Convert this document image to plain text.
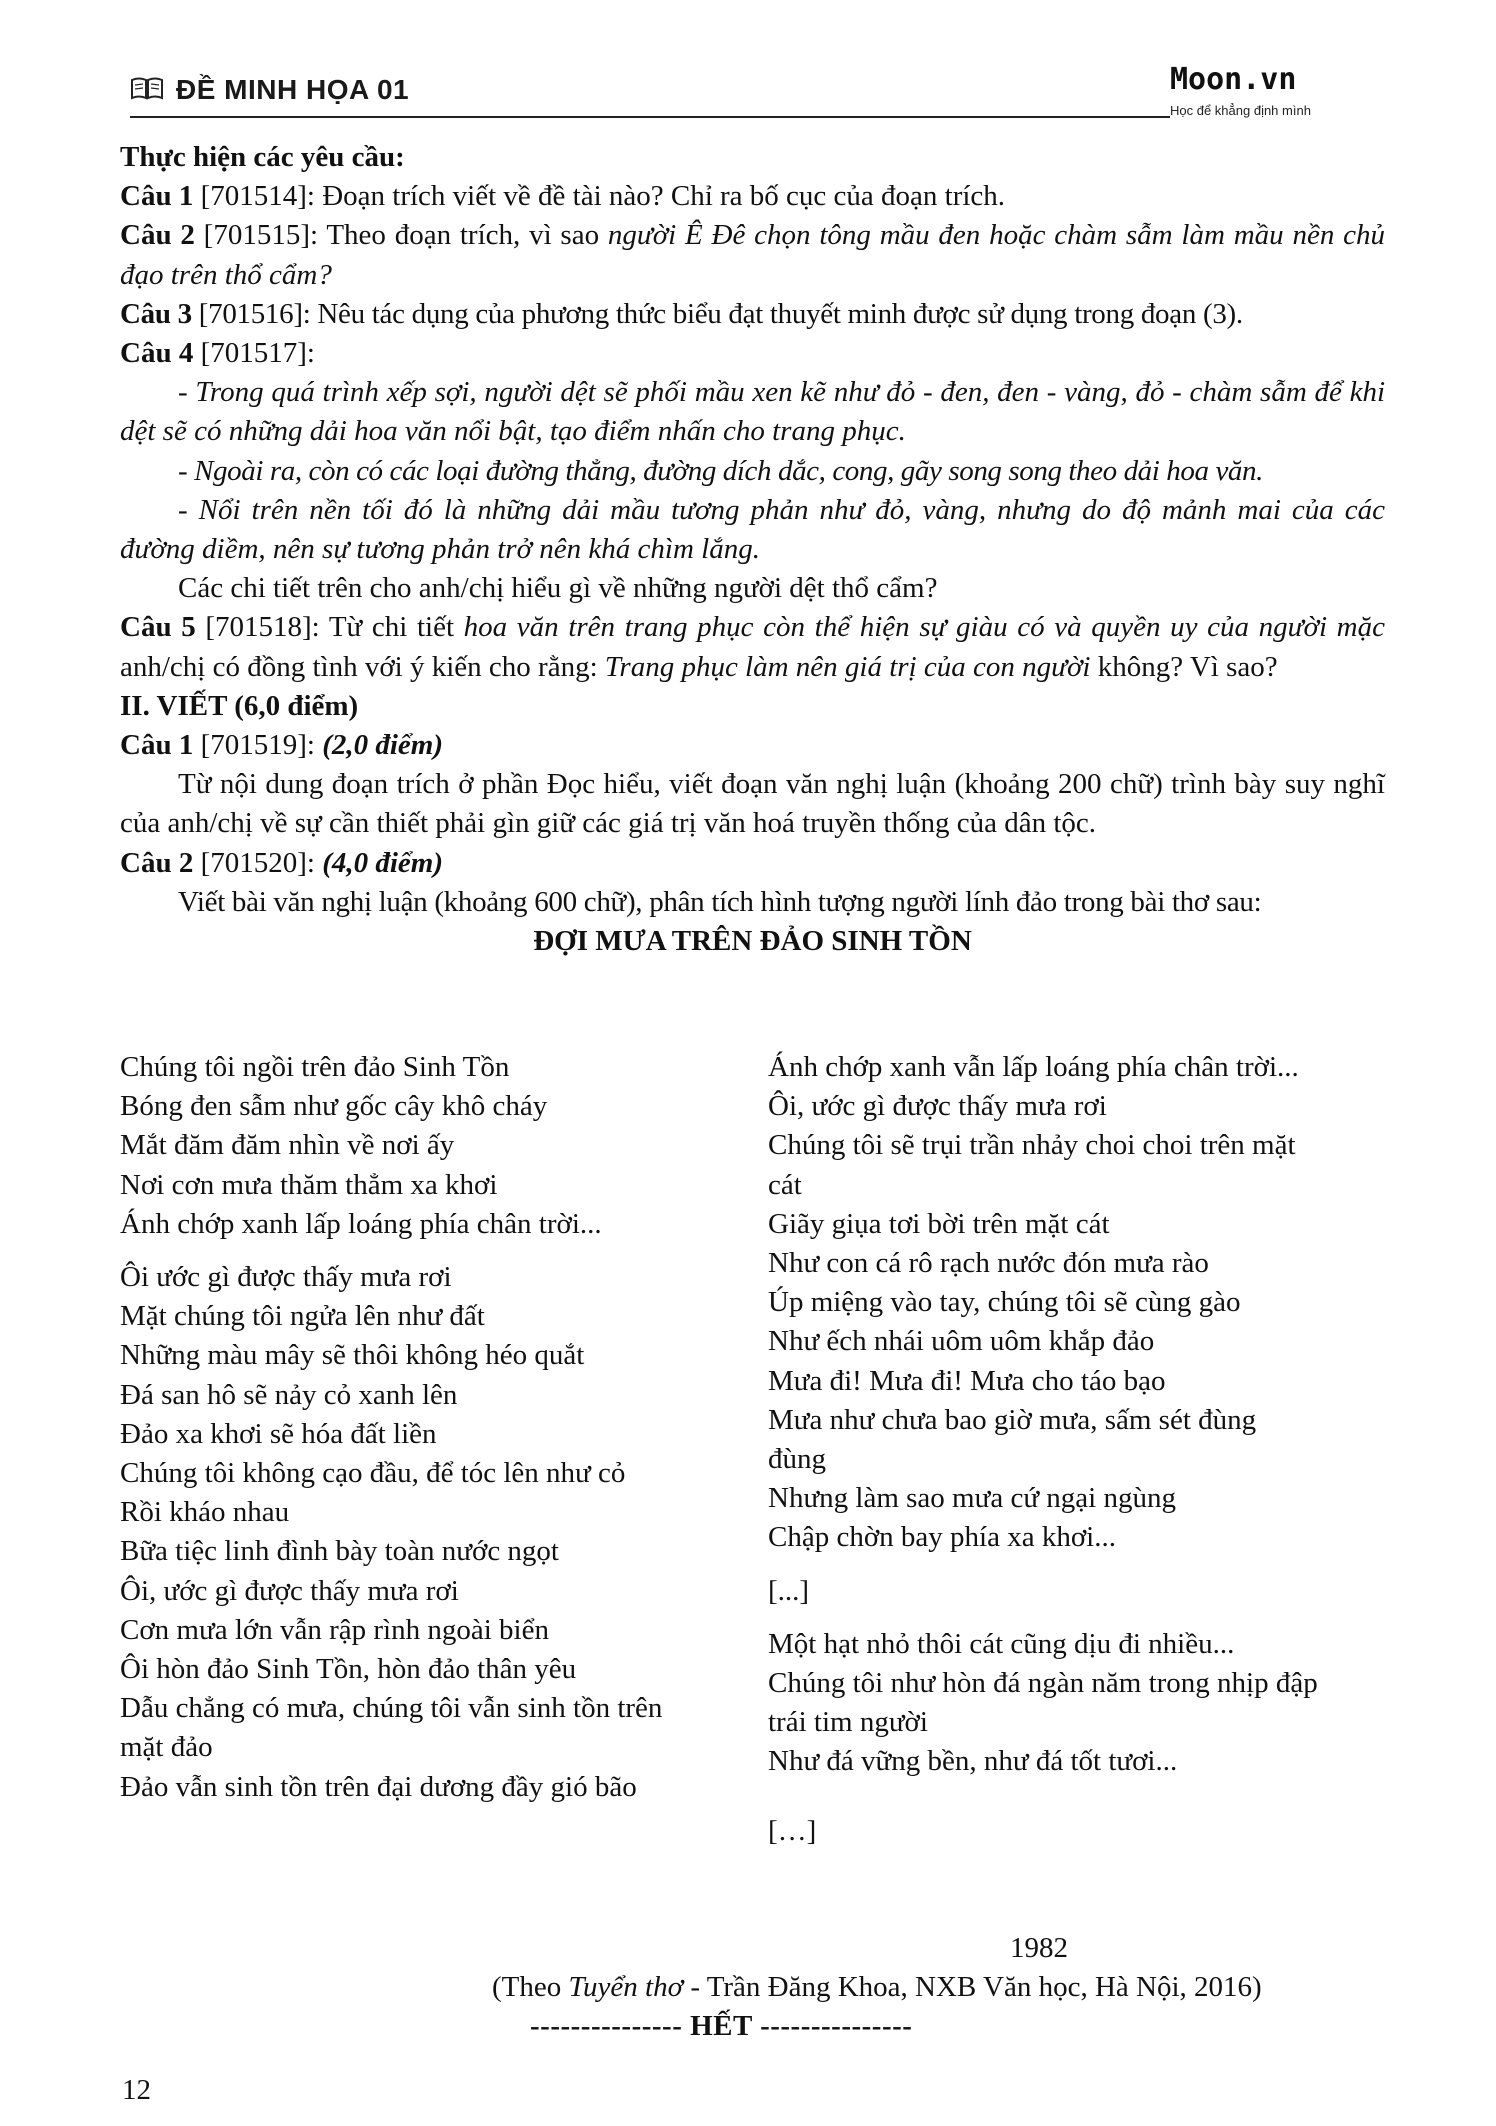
ĐỀ MINH HỌA 01	Moon.vn
Học để khẳng định mình

Thực hiện các yêu cầu:

Câu 1 [701514]: Đoạn trích viết về đề tài nào? Chỉ ra bố cục của đoạn trích.

Câu 2 [701515]: Theo đoạn trích, vì sao người Ê Đê chọn tông mầu đen hoặc chàm sẫm làm mầu nền chủ đạo trên thổ cẩm?

Câu 3 [701516]: Nêu tác dụng của phương thức biểu đạt thuyết minh được sử dụng trong đoạn (3).

Câu 4 [701517]:

- Trong quá trình xếp sợi, người dệt sẽ phối mầu xen kẽ như đỏ - đen, đen - vàng, đỏ - chàm sẫm để khi dệt sẽ có những dải hoa văn nổi bật, tạo điểm nhấn cho trang phục.

- Ngoài ra, còn có các loại đường thẳng, đường dích dắc, cong, gãy song song theo dải hoa văn.

- Nổi trên nền tối đó là những dải mầu tương phản như đỏ, vàng, nhưng do độ mảnh mai của các đường diềm, nên sự tương phản trở nên khá chìm lắng.

Các chi tiết trên cho anh/chị hiểu gì về những người dệt thổ cẩm?

Câu 5 [701518]: Từ chi tiết hoa văn trên trang phục còn thể hiện sự giàu có và quyền uy của người mặc anh/chị có đồng tình với ý kiến cho rằng: Trang phục làm nên giá trị của con người không? Vì sao?

II. VIẾT (6,0 điểm)

Câu 1 [701519]: (2,0 điểm)

Từ nội dung đoạn trích ở phần Đọc hiểu, viết đoạn văn nghị luận (khoảng 200 chữ) trình bày suy nghĩ của anh/chị về sự cần thiết phải gìn giữ các giá trị văn hoá truyền thống của dân tộc.

Câu 2 [701520]: (4,0 điểm)

Viết bài văn nghị luận (khoảng 600 chữ), phân tích hình tượng người lính đảo trong bài thơ sau:

ĐỢI MƯA TRÊN ĐẢO SINH TỒN

Chúng tôi ngồi trên đảo Sinh Tồn
Bóng đen sẫm như gốc cây khô cháy
Mắt đăm đăm nhìn về nơi ấy
Nơi cơn mưa thăm thẳm xa khơi
Ánh chớp xanh lấp loáng phía chân trời...
Ôi ước gì được thấy mưa rơi
Mặt chúng tôi ngửa lên như đất
Những màu mây sẽ thôi không héo quắt
Đá san hô sẽ nảy cỏ xanh lên
Đảo xa khơi sẽ hóa đất liền
Chúng tôi không cạo đầu, để tóc lên như cỏ
Rồi kháo nhau
Bữa tiệc linh đình bày toàn nước ngọt
Ôi, ước gì được thấy mưa rơi
Cơn mưa lớn vẫn rập rình ngoài biển
Ôi hòn đảo Sinh Tồn, hòn đảo thân yêu
Dẫu chẳng có mưa, chúng tôi vẫn sinh tồn trên
mặt đảo
Đảo vẫn sinh tồn trên đại dương đầy gió bão
Ánh chớp xanh vẫn lấp loáng phía chân trời...
Ôi, ước gì được thấy mưa rơi
Chúng tôi sẽ trụi trần nhảy choi choi trên mặt
cát
Giãy giụa tơi bời trên mặt cát
Như con cá rô rạch nước đón mưa rào
Úp miệng vào tay, chúng tôi sẽ cùng gào
Như ếch nhái uôm uôm khắp đảo
Mưa đi! Mưa đi! Mưa cho táo bạo
Mưa như chưa bao giờ mưa, sấm sét đùng
đùng
Nhưng làm sao mưa cứ ngại ngùng
Chập chờn bay phía xa khơi...
[...]
Một hạt nhỏ thôi cát cũng dịu đi nhiều...
Chúng tôi như hòn đá ngàn năm trong nhịp đập
trái tim người
Như đá vững bền, như đá tốt tươi...
[…]
1982
(Theo Tuyển thơ - Trần Đăng Khoa, NXB Văn học, Hà Nội, 2016)
--------------- HẾT ---------------
12
